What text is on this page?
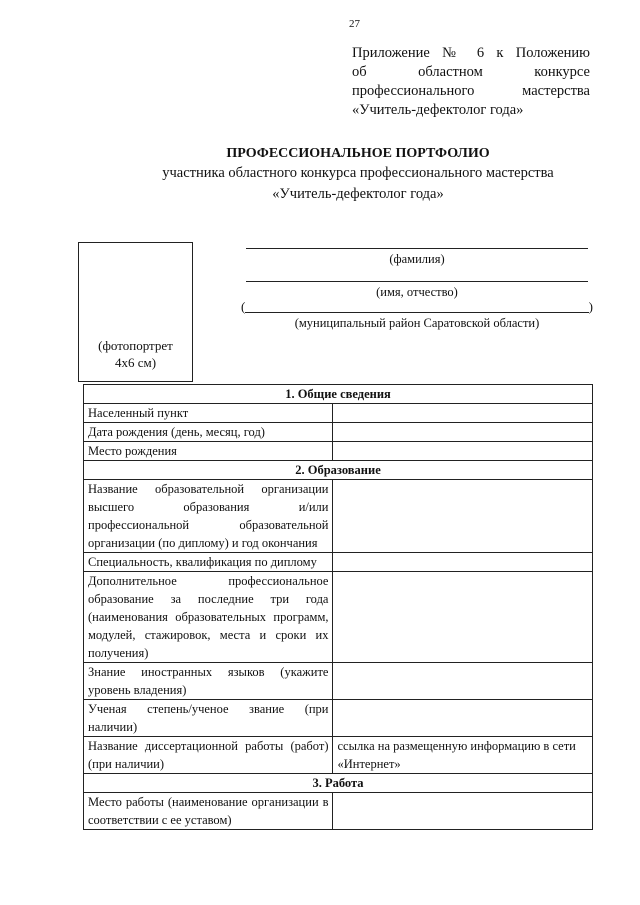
27
Приложение № 6 к Положению
об областном конкурсе
профессионального мастерства
«Учитель-дефектолог года»
ПРОФЕССИОНАЛЬНОЕ ПОРТФОЛИО
участника областного конкурса профессионального мастерства
«Учитель-дефектолог года»
(фотопортрет
4х6 см)
(фамилия)
(имя, отчество)
(	)
(муниципальный район Саратовской области)
1. Общие сведения	
Населенный пункт	
Дата рождения (день, месяц, год)	
Место рождения	
2. Образование	
Название образовательной организации высшего образования и/или профессиональной образовательной организации (по диплому) и год окончания	
Специальность, квалификация по диплому	
Дополнительное профессиональное образование за последние три года (наименования образовательных программ, модулей, стажировок, места и сроки их получения)	
Знание иностранных языков (укажите уровень владения)	
Ученая степень/ученое звание (при наличии)	
Название диссертационной работы (работ) (при наличии)	ссылка на размещенную информацию в сети «Интернет»
3. Работа	
Место работы (наименование организации в соответствии с ее уставом)	
